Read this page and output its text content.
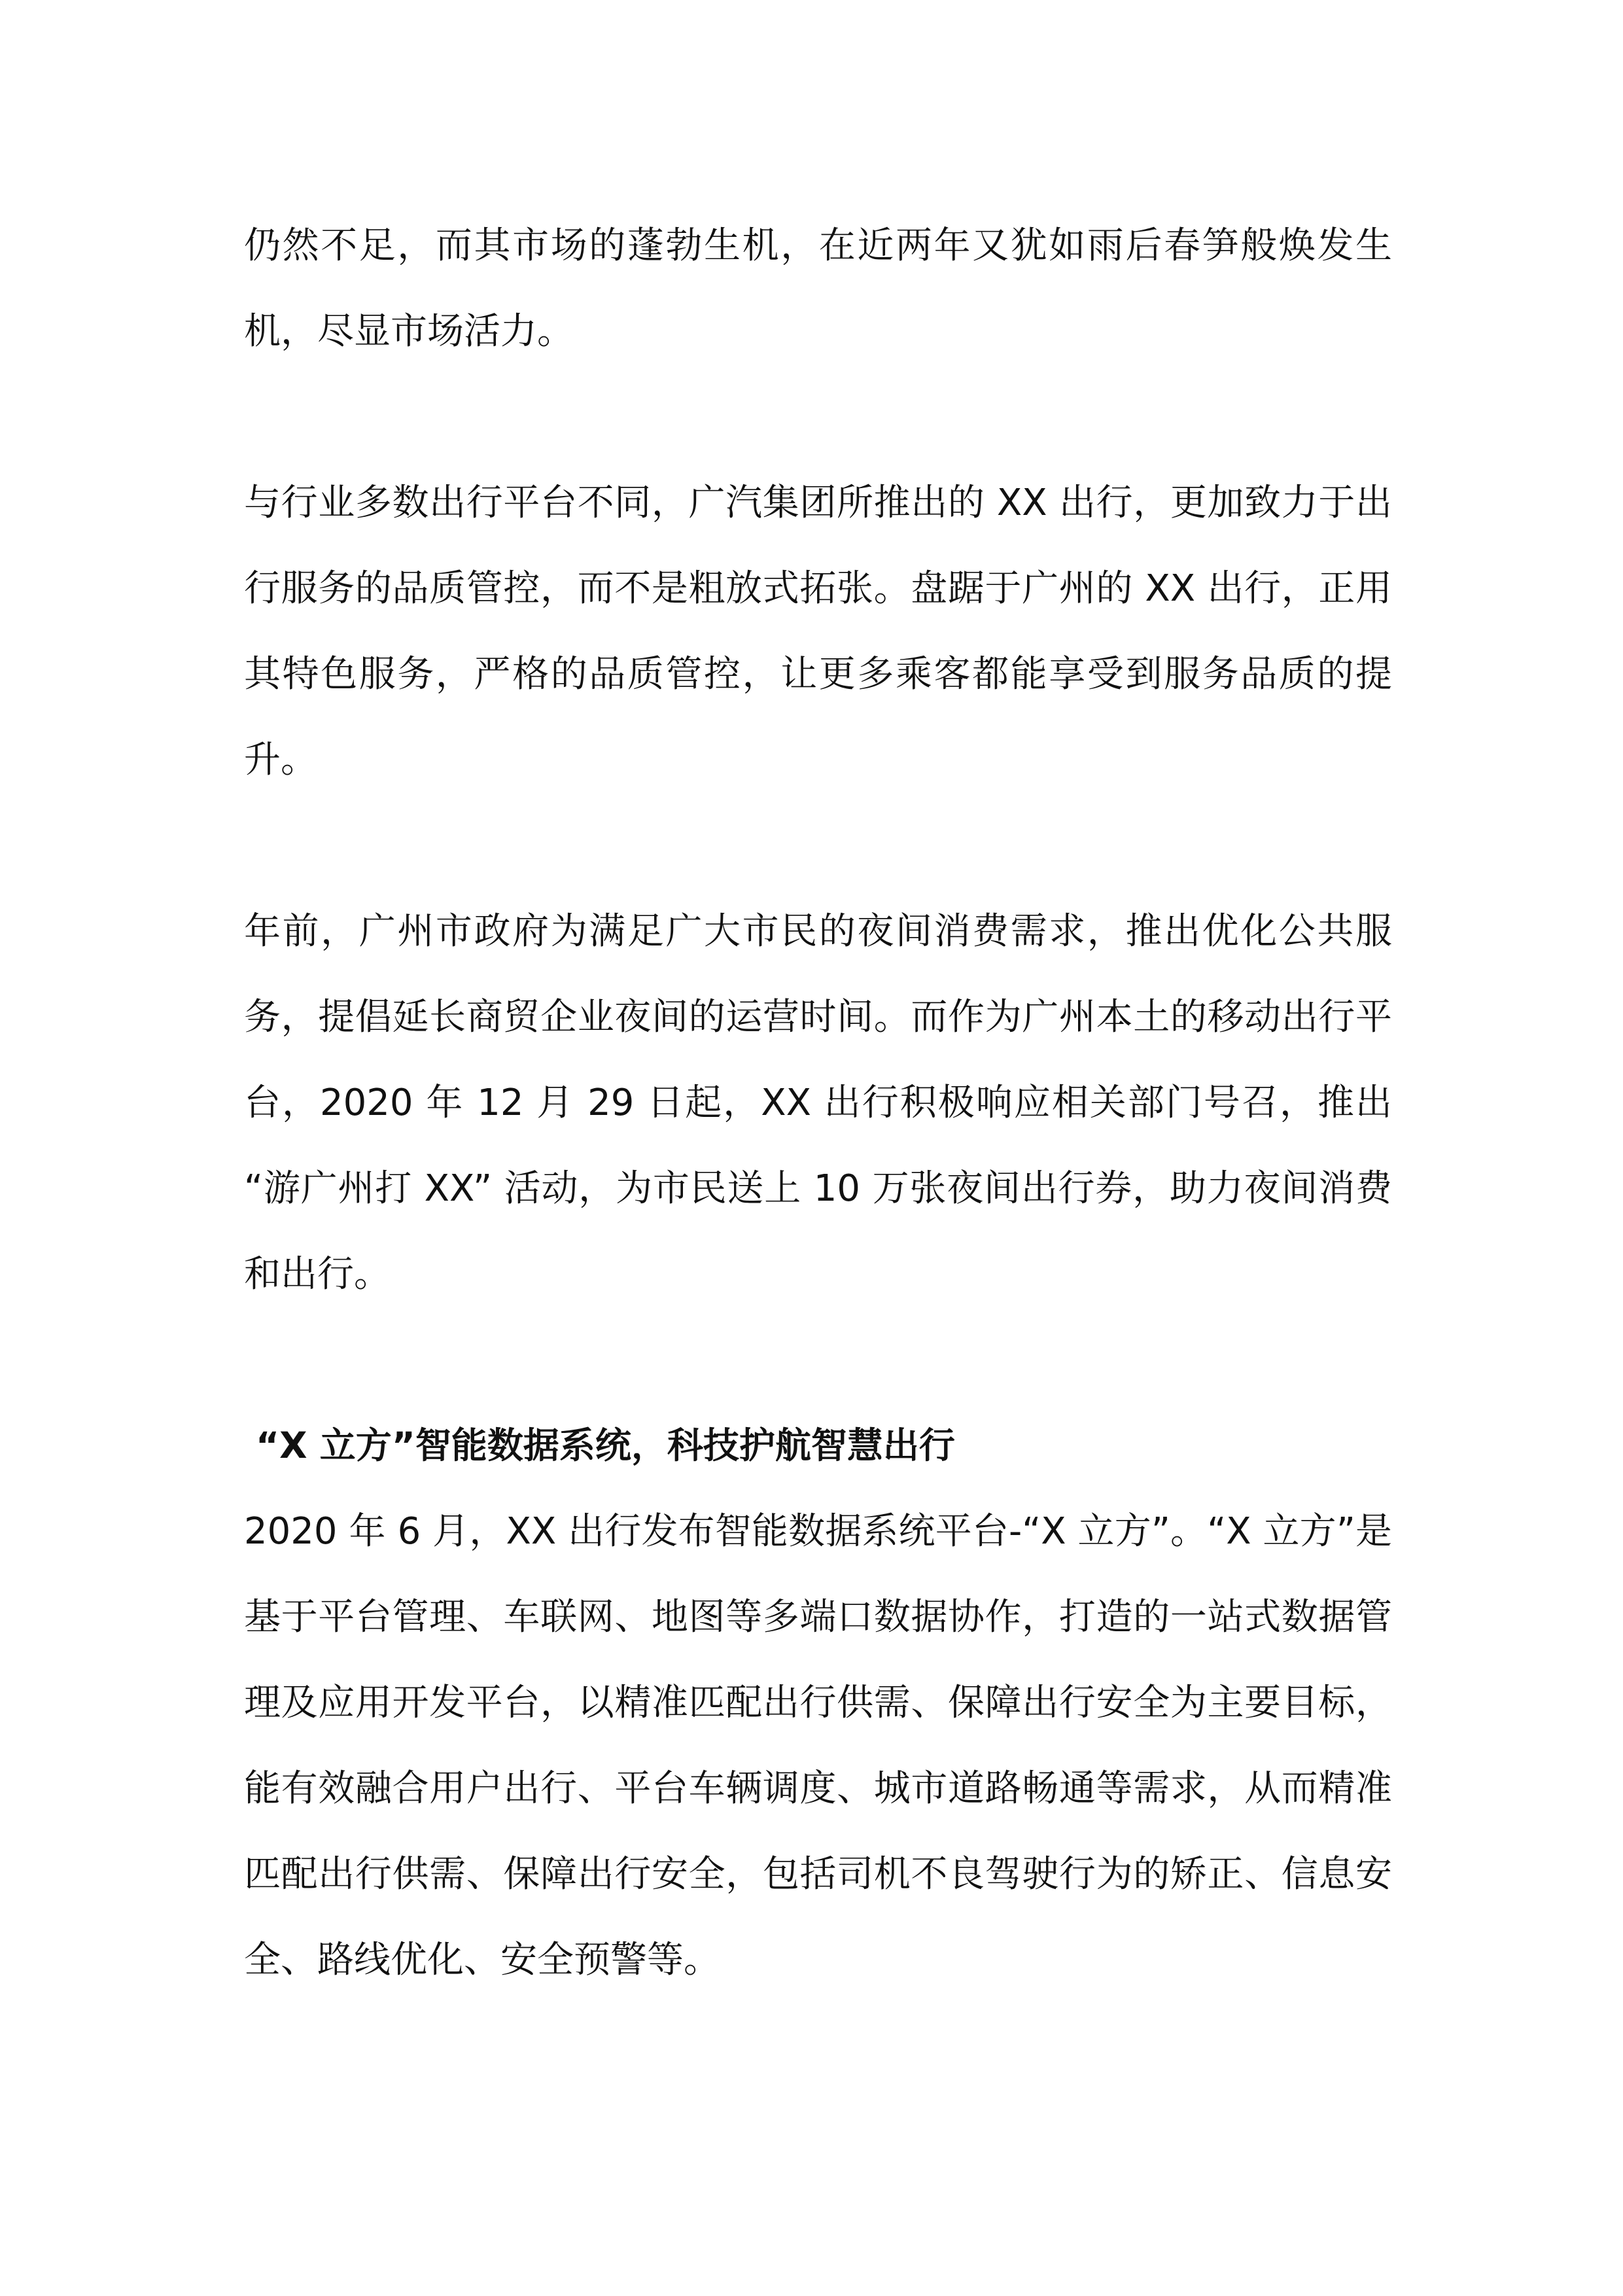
仍然不足，而其市场的蓬勃生机，在近两年又犹如雨后春笋般焕发生机，尽显市场活力。

与行业多数出行平台不同，广汽集团所推出的 XX 出行，更加致力于出行服务的品质管控，而不是粗放式拓张。盘踞于广州的 XX 出行，正用其特色服务，严格的品质管控，让更多乘客都能享受到服务品质的提升。

年前，广州市政府为满足广大市民的夜间消费需求，推出优化公共服务，提倡延长商贸企业夜间的运营时间。而作为广州本土的移动出行平台，2020 年 12 月 29 日起，XX 出行积极响应相关部门号召，推出 “游广州打 XX” 活动，为市民送上 10 万张夜间出行券，助力夜间消费和出行。

“X 立方”智能数据系统，科技护航智慧出行

2020 年 6 月，XX 出行发布智能数据系统平台-“X 立方”。“X 立方”是基于平台管理、车联网、地图等多端口数据协作，打造的一站式数据管理及应用开发平台，以精准匹配出行供需、保障出行安全为主要目标，能有效融合用户出行、平台车辆调度、城市道路畅通等需求，从而精准匹配出行供需、保障出行安全，包括司机不良驾驶行为的矫正、信息安全、路线优化、安全预警等。
